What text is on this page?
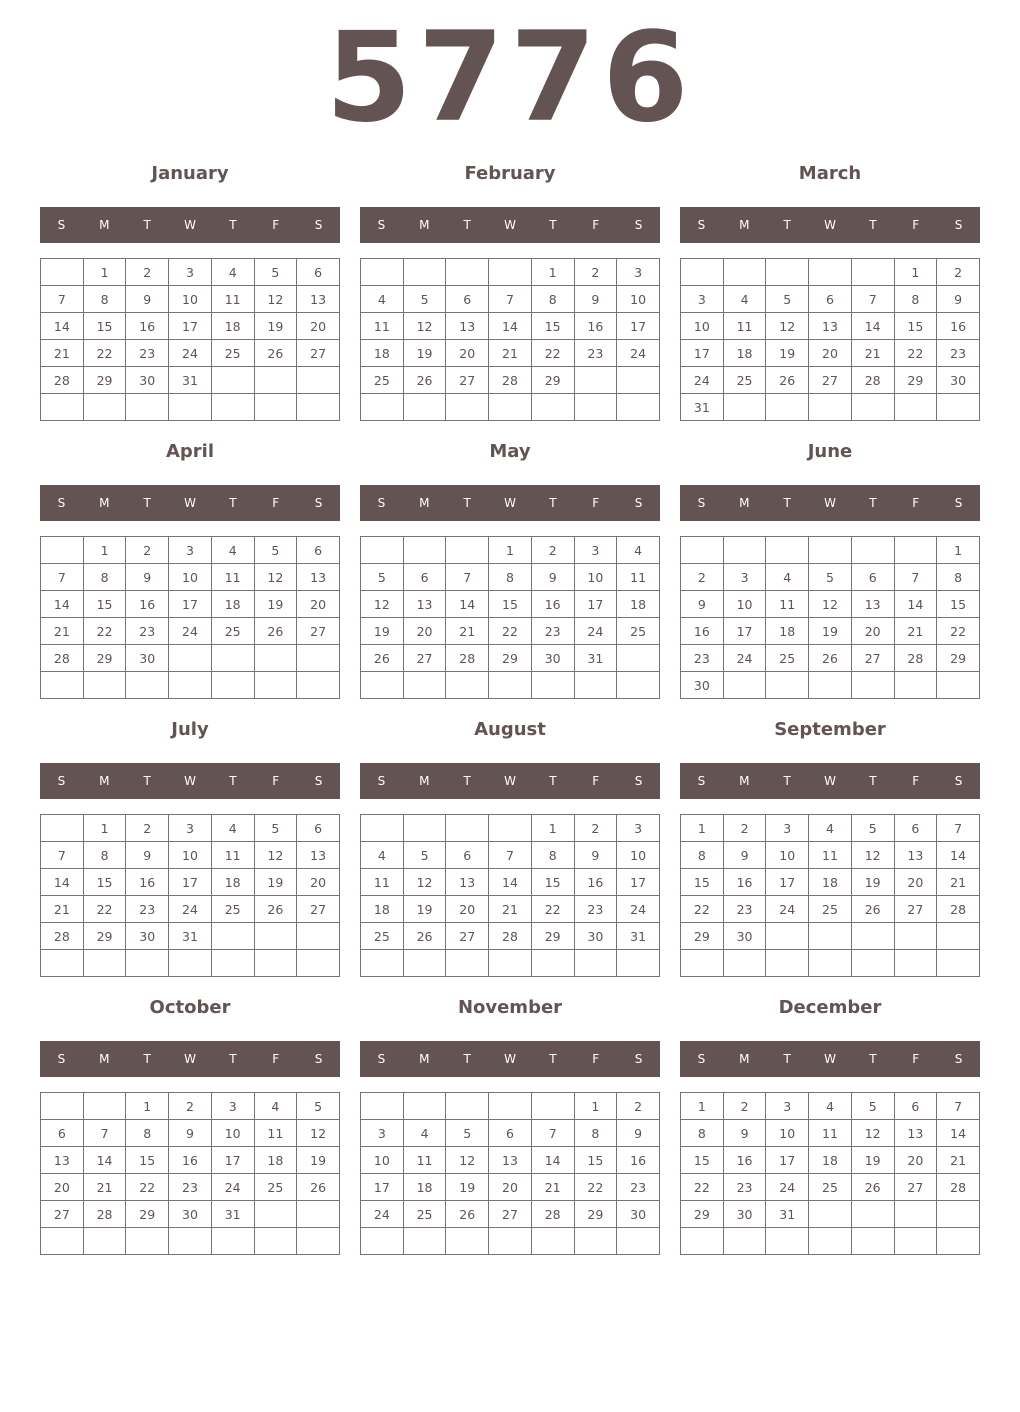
5776
January
S	M	T	W	T	F	S
	1	2	3	4	5	6
7	8	9	10	11	12	13
14	15	16	17	18	19	20
21	22	23	24	25	26	27
28	29	30	31			

February
S	M	T	W	T	F	S
				1	2	3
4	5	6	7	8	9	10
11	12	13	14	15	16	17
18	19	20	21	22	23	24
25	26	27	28	29		

March
S	M	T	W	T	F	S
					1	2
3	4	5	6	7	8	9
10	11	12	13	14	15	16
17	18	19	20	21	22	23
24	25	26	27	28	29	30
31						
April
S	M	T	W	T	F	S
	1	2	3	4	5	6
7	8	9	10	11	12	13
14	15	16	17	18	19	20
21	22	23	24	25	26	27
28	29	30				

May
S	M	T	W	T	F	S
			1	2	3	4
5	6	7	8	9	10	11
12	13	14	15	16	17	18
19	20	21	22	23	24	25
26	27	28	29	30	31	

June
S	M	T	W	T	F	S
						1
2	3	4	5	6	7	8
9	10	11	12	13	14	15
16	17	18	19	20	21	22
23	24	25	26	27	28	29
30						
July
S	M	T	W	T	F	S
	1	2	3	4	5	6
7	8	9	10	11	12	13
14	15	16	17	18	19	20
21	22	23	24	25	26	27
28	29	30	31			

August
S	M	T	W	T	F	S
				1	2	3
4	5	6	7	8	9	10
11	12	13	14	15	16	17
18	19	20	21	22	23	24
25	26	27	28	29	30	31

September
S	M	T	W	T	F	S
1	2	3	4	5	6	7
8	9	10	11	12	13	14
15	16	17	18	19	20	21
22	23	24	25	26	27	28
29	30					

October
S	M	T	W	T	F	S
		1	2	3	4	5
6	7	8	9	10	11	12
13	14	15	16	17	18	19
20	21	22	23	24	25	26
27	28	29	30	31		

November
S	M	T	W	T	F	S
					1	2
3	4	5	6	7	8	9
10	11	12	13	14	15	16
17	18	19	20	21	22	23
24	25	26	27	28	29	30

December
S	M	T	W	T	F	S
1	2	3	4	5	6	7
8	9	10	11	12	13	14
15	16	17	18	19	20	21
22	23	24	25	26	27	28
29	30	31				
